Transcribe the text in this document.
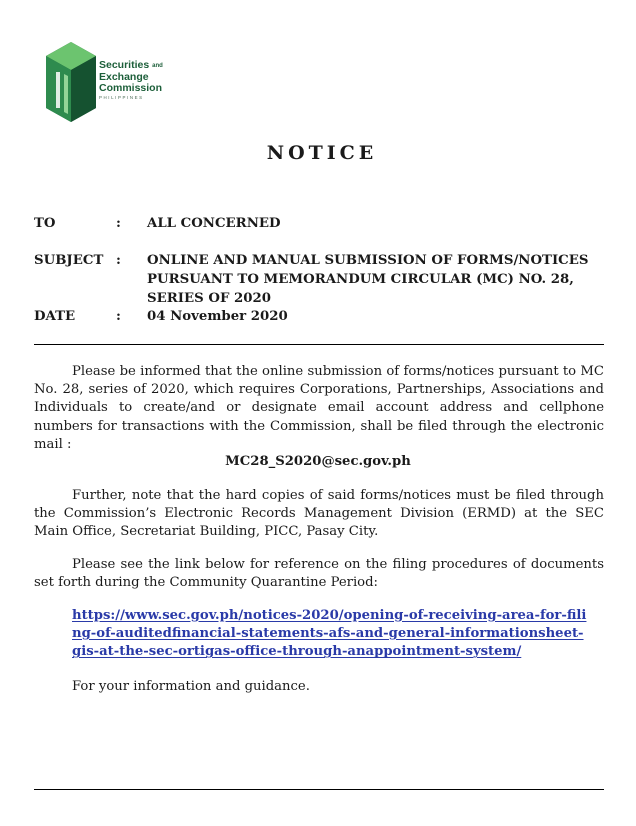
Securities and
Exchange
Commission
PHILIPPINES
NOTICE
TO	: ALL CONCERNED
SUBJECT : ONLINE AND MANUAL SUBMISSION OF FORMS/NOTICES PURSUANT TO MEMORANDUM CIRCULAR (MC) NO. 28, SERIES OF 2020
DATE	: 04 November 2020

Please be informed that the online submission of forms/notices pursuant to MC No. 28, series of 2020, which requires Corporations, Partnerships, Associations and Individuals to create/and or designate email account address and cellphone numbers for transactions with the Commission, shall be filed through the electronic mail :

MC28_S2020@sec.gov.ph

Further, note that the hard copies of said forms/notices must be filed through the Commission’s Electronic Records Management Division (ERMD) at the SEC Main Office, Secretariat Building, PICC, Pasay City.

Please see the link below for reference on the filing procedures of documents set forth during the Community Quarantine Period:

https://www.sec.gov.ph/notices-2020/opening-of-receiving-area-for-filing-of-auditedfinancial-statements-afs-and-general-informationsheet-gis-at-the-sec-ortigas-office-through-anappointment-system/

For your information and guidance.
